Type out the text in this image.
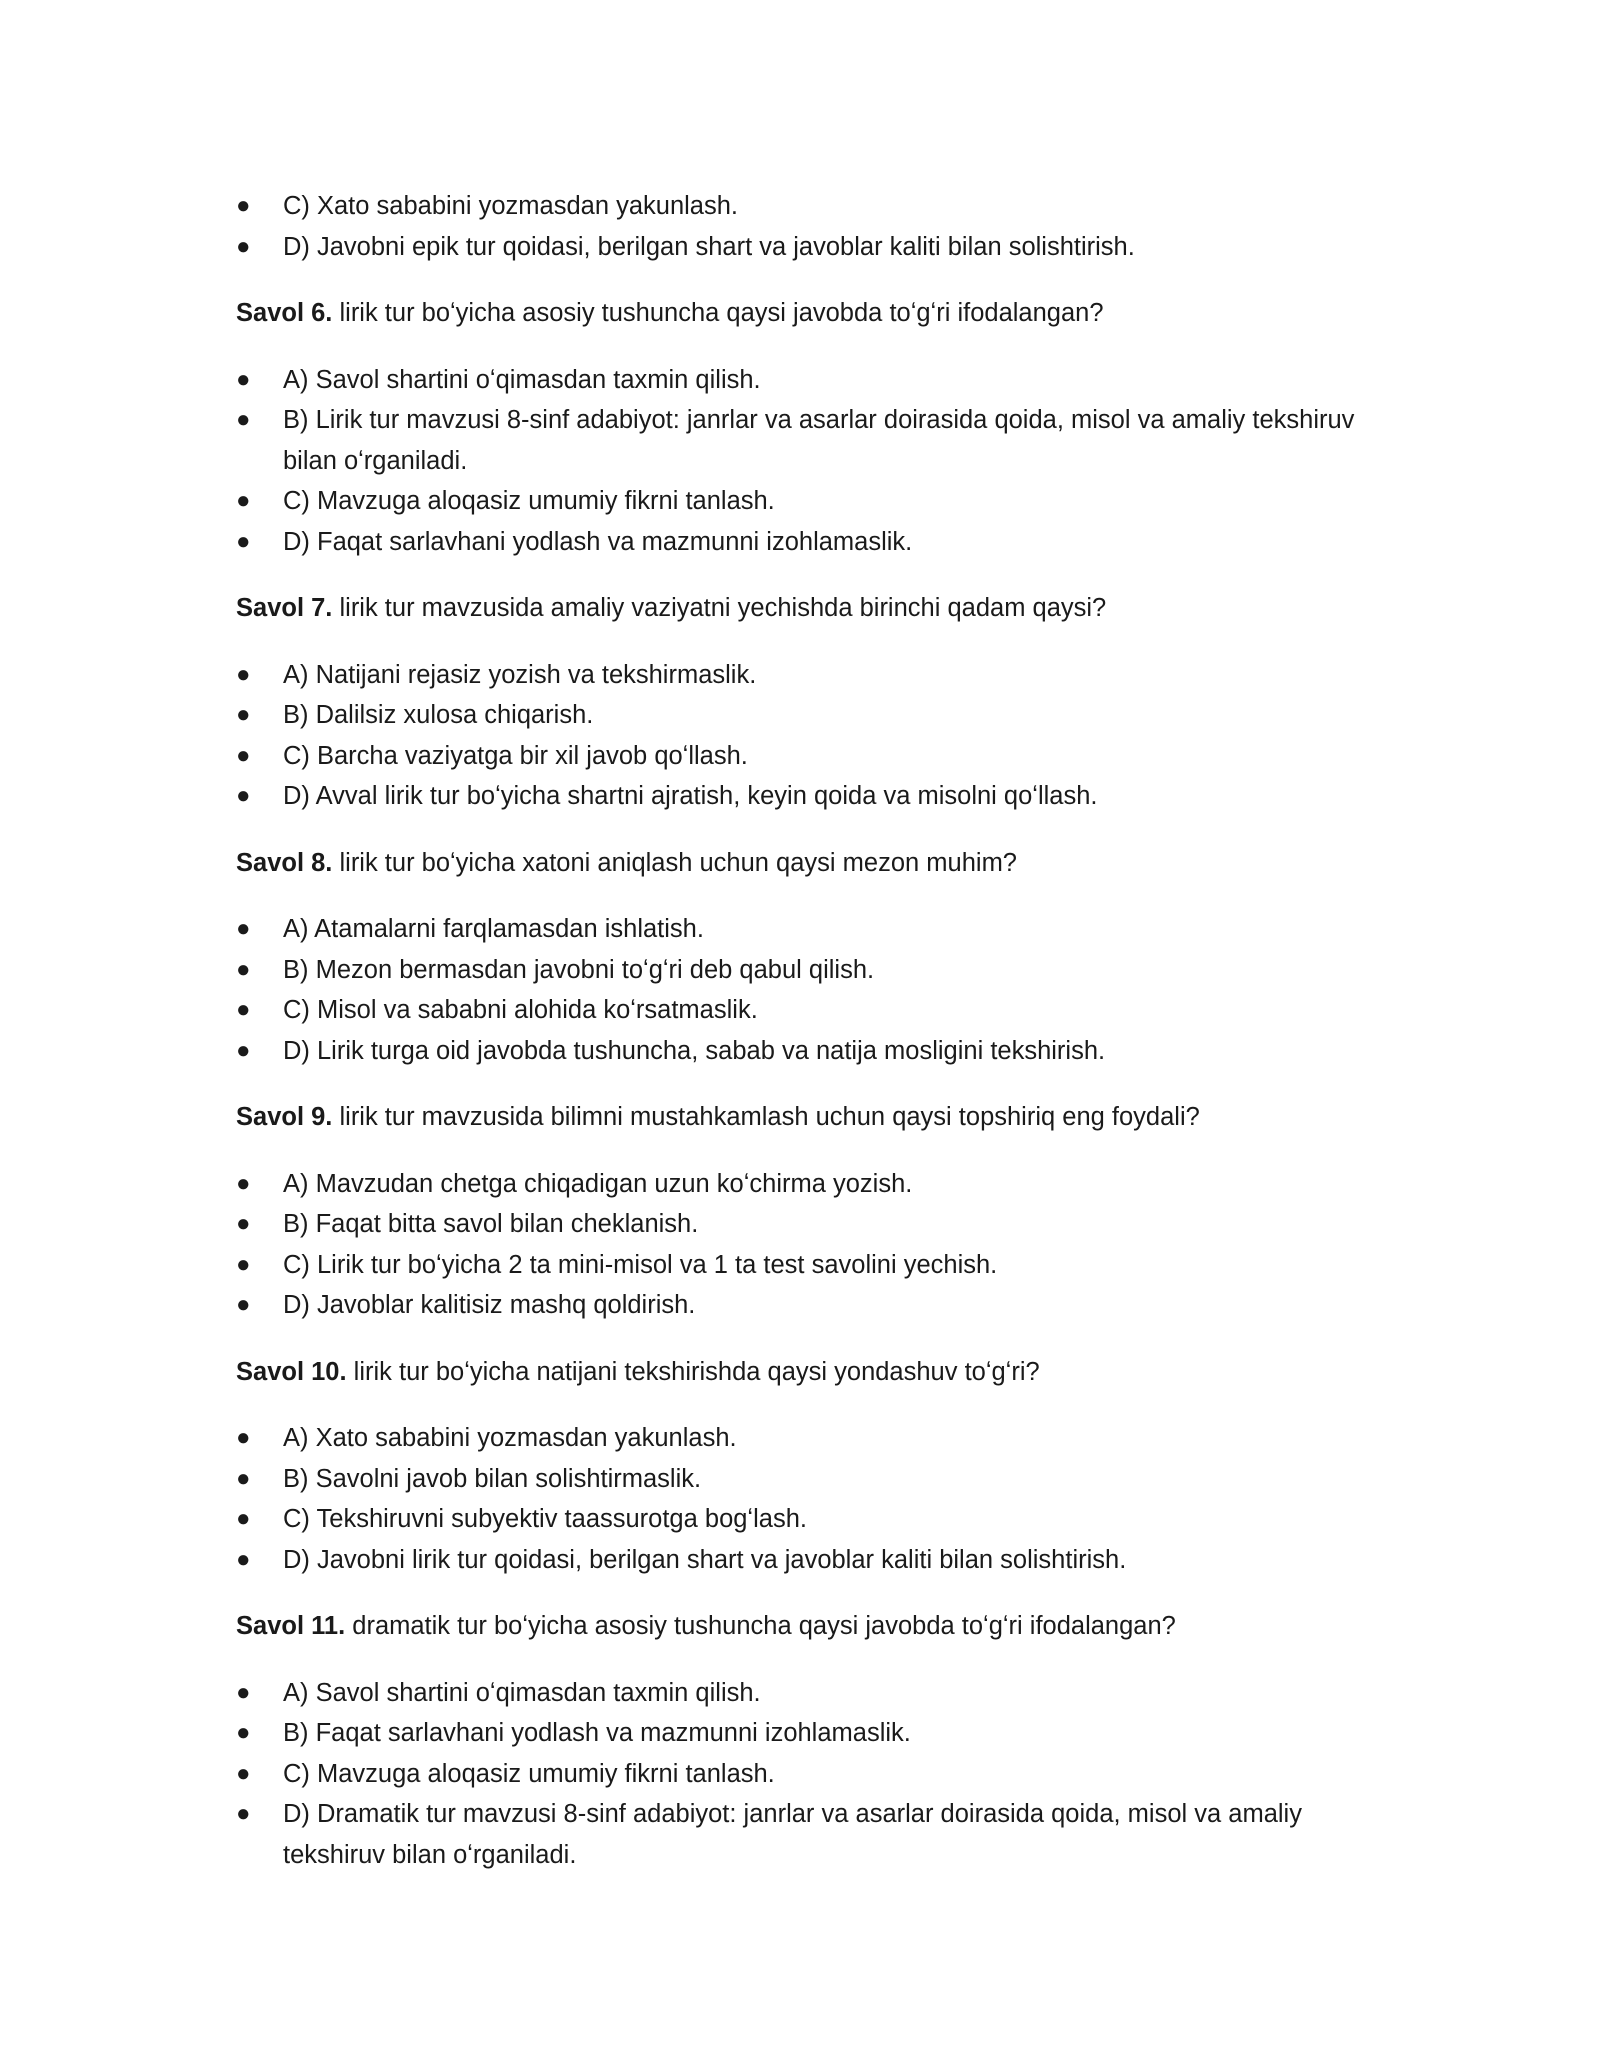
● C) Xato sababini yozmasdan yakunlash.
● D) Javobni epik tur qoidasi, berilgan shart va javoblar kaliti bilan solishtirish.
Savol 6. lirik tur boʻyicha asosiy tushuncha qaysi javobda toʻgʻri ifodalangan?
● A) Savol shartini oʻqimasdan taxmin qilish.
● B) Lirik tur mavzusi 8-sinf adabiyot: janrlar va asarlar doirasida qoida, misol va amaliy tekshiruv bilan oʻrganiladi.
● C) Mavzuga aloqasiz umumiy fikrni tanlash.
● D) Faqat sarlavhani yodlash va mazmunni izohlamaslik.
Savol 7. lirik tur mavzusida amaliy vaziyatni yechishda birinchi qadam qaysi?
● A) Natijani rejasiz yozish va tekshirmaslik.
● B) Dalilsiz xulosa chiqarish.
● C) Barcha vaziyatga bir xil javob qoʻllash.
● D) Avval lirik tur boʻyicha shartni ajratish, keyin qoida va misolni qoʻllash.
Savol 8. lirik tur boʻyicha xatoni aniqlash uchun qaysi mezon muhim?
● A) Atamalarni farqlamasdan ishlatish.
● B) Mezon bermasdan javobni toʻgʻri deb qabul qilish.
● C) Misol va sababni alohida koʻrsatmaslik.
● D) Lirik turga oid javobda tushuncha, sabab va natija mosligini tekshirish.
Savol 9. lirik tur mavzusida bilimni mustahkamlash uchun qaysi topshiriq eng foydali?
● A) Mavzudan chetga chiqadigan uzun koʻchirma yozish.
● B) Faqat bitta savol bilan cheklanish.
● C) Lirik tur boʻyicha 2 ta mini-misol va 1 ta test savolini yechish.
● D) Javoblar kalitisiz mashq qoldirish.
Savol 10. lirik tur boʻyicha natijani tekshirishda qaysi yondashuv toʻgʻri?
● A) Xato sababini yozmasdan yakunlash.
● B) Savolni javob bilan solishtirmaslik.
● C) Tekshiruvni subyektiv taassurotga bogʻlash.
● D) Javobni lirik tur qoidasi, berilgan shart va javoblar kaliti bilan solishtirish.
Savol 11. dramatik tur boʻyicha asosiy tushuncha qaysi javobda toʻgʻri ifodalangan?
● A) Savol shartini oʻqimasdan taxmin qilish.
● B) Faqat sarlavhani yodlash va mazmunni izohlamaslik.
● C) Mavzuga aloqasiz umumiy fikrni tanlash.
● D) Dramatik tur mavzusi 8-sinf adabiyot: janrlar va asarlar doirasida qoida, misol va amaliy tekshiruv bilan oʻrganiladi.
